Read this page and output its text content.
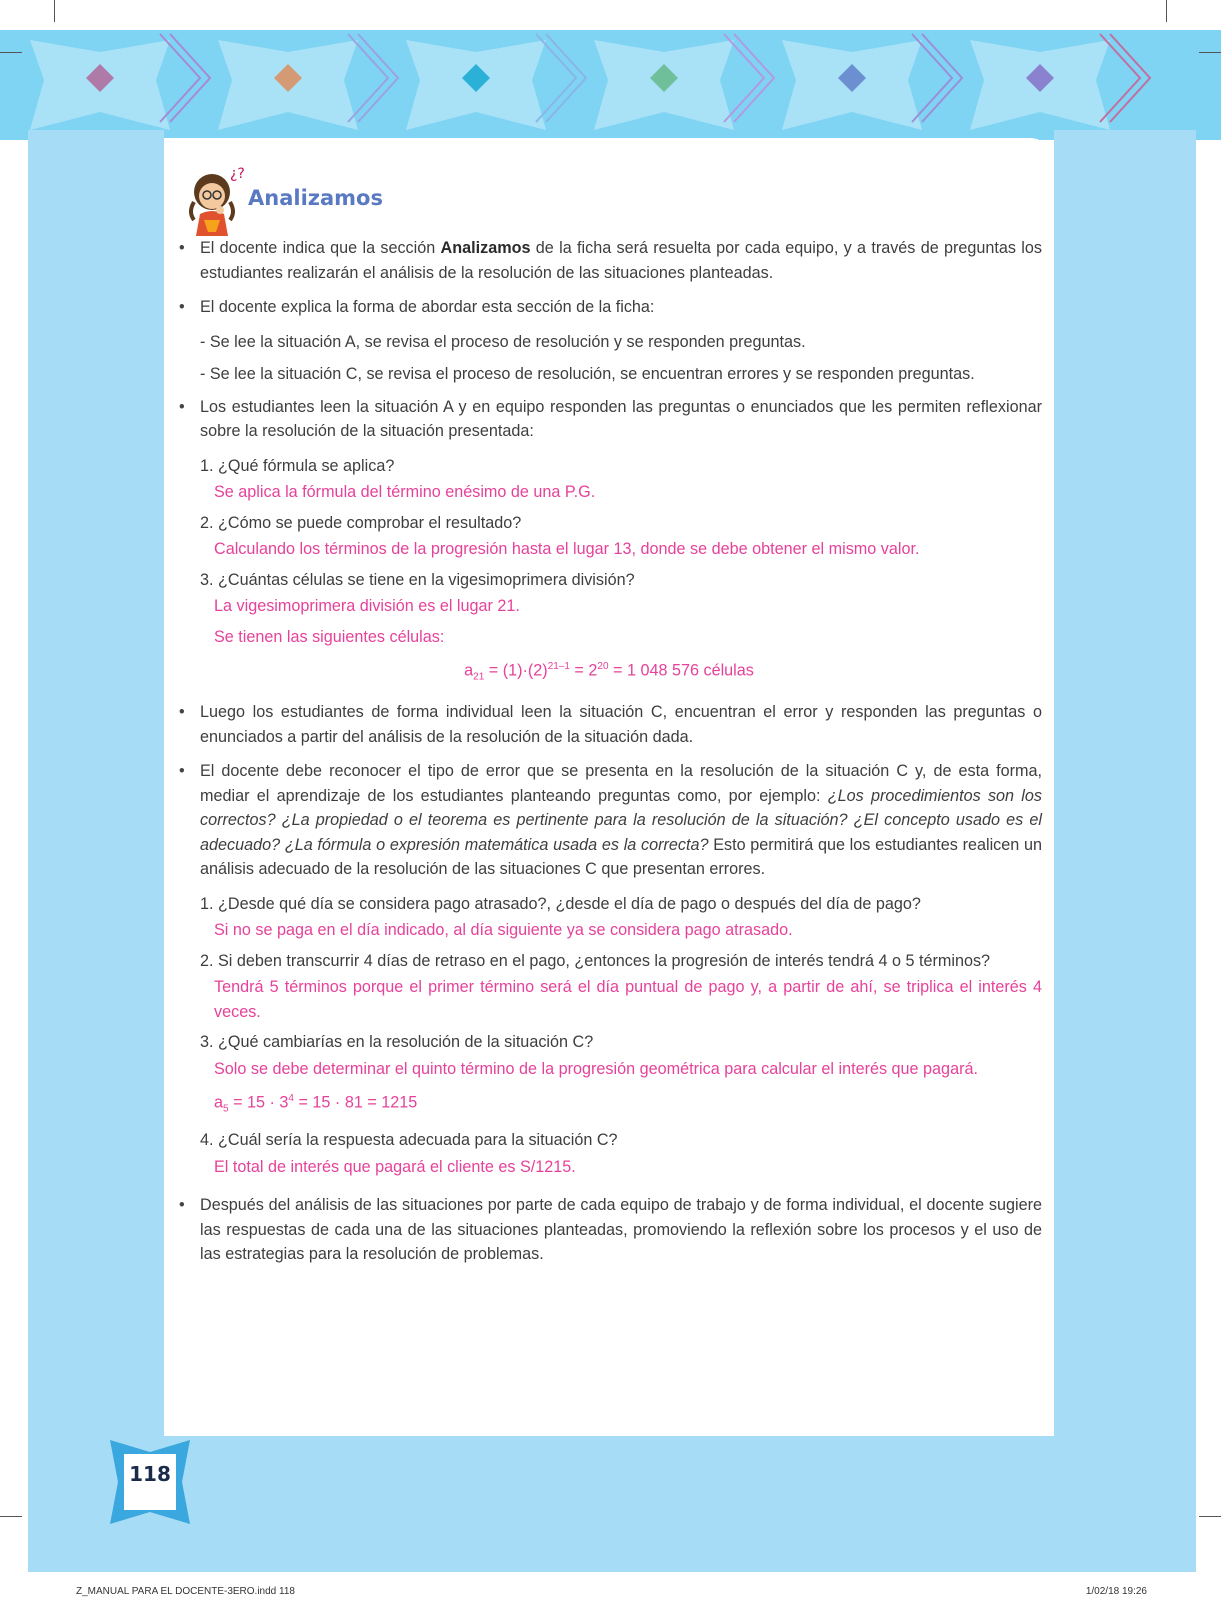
¿?
Analizamos
• El docente indica que la sección Analizamos de la ficha será resuelta por cada equipo, y a través de preguntas los estudiantes realizarán el análisis de la resolución de las situaciones planteadas.
• El docente explica la forma de abordar esta sección de la ficha:
- Se lee la situación A, se revisa el proceso de resolución y se responden preguntas.
- Se lee la situación C, se revisa el proceso de resolución, se encuentran errores y se responden preguntas.
• Los estudiantes leen la situación A y en equipo responden las preguntas o enunciados que les permiten reflexionar sobre la resolución de la situación presentada:
1. ¿Qué fórmula se aplica?
Se aplica la fórmula del término enésimo de una P.G.
2. ¿Cómo se puede comprobar el resultado?
Calculando los términos de la progresión hasta el lugar 13, donde se debe obtener el mismo valor.
3. ¿Cuántas células se tiene en la vigesimoprimera división?
La vigesimoprimera división es el lugar 21.
Se tienen las siguientes células:
$a_{21} = (1)\cdot(2)^{21-1} = 2^{20} = 1$ 048 576 células
• Luego los estudiantes de forma individual leen la situación C, encuentran el error y responden las preguntas o enunciados a partir del análisis de la resolución de la situación dada.
• El docente debe reconocer el tipo de error que se presenta en la resolución de la situación C y, de esta forma, mediar el aprendizaje de los estudiantes planteando preguntas como, por ejemplo: ¿Los procedimientos son los correctos? ¿La propiedad o el teorema es pertinente para la resolución de la situación? ¿El concepto usado es el adecuado? ¿La fórmula o expresión matemática usada es la correcta? Esto permitirá que los estudiantes realicen un análisis adecuado de la resolución de las situaciones C que presentan errores.
1. ¿Desde qué día se considera pago atrasado?, ¿desde el día de pago o después del día de pago?
Si no se paga en el día indicado, al día siguiente ya se considera pago atrasado.
2. Si deben transcurrir 4 días de retraso en el pago, ¿entonces la progresión de interés tendrá 4 o 5 términos?
Tendrá 5 términos porque el primer término será el día puntual de pago y, a partir de ahí, se triplica el interés 4 veces.
3. ¿Qué cambiarías en la resolución de la situación C?
Solo se debe determinar el quinto término de la progresión geométrica para calcular el interés que pagará.
$a_5 = 15 \cdot 3^4 = 15 \cdot 81 = 1215$
4. ¿Cuál sería la respuesta adecuada para la situación C?
El total de interés que pagará el cliente es S/1215.
• Después del análisis de las situaciones por parte de cada equipo de trabajo y de forma individual, el docente sugiere las respuestas de cada una de las situaciones planteadas, promoviendo la reflexión sobre los procesos y el uso de las estrategias para la resolución de problemas.
118
Z_MANUAL PARA EL DOCENTE-3ERO.indd 118	1/02/18 19:26
